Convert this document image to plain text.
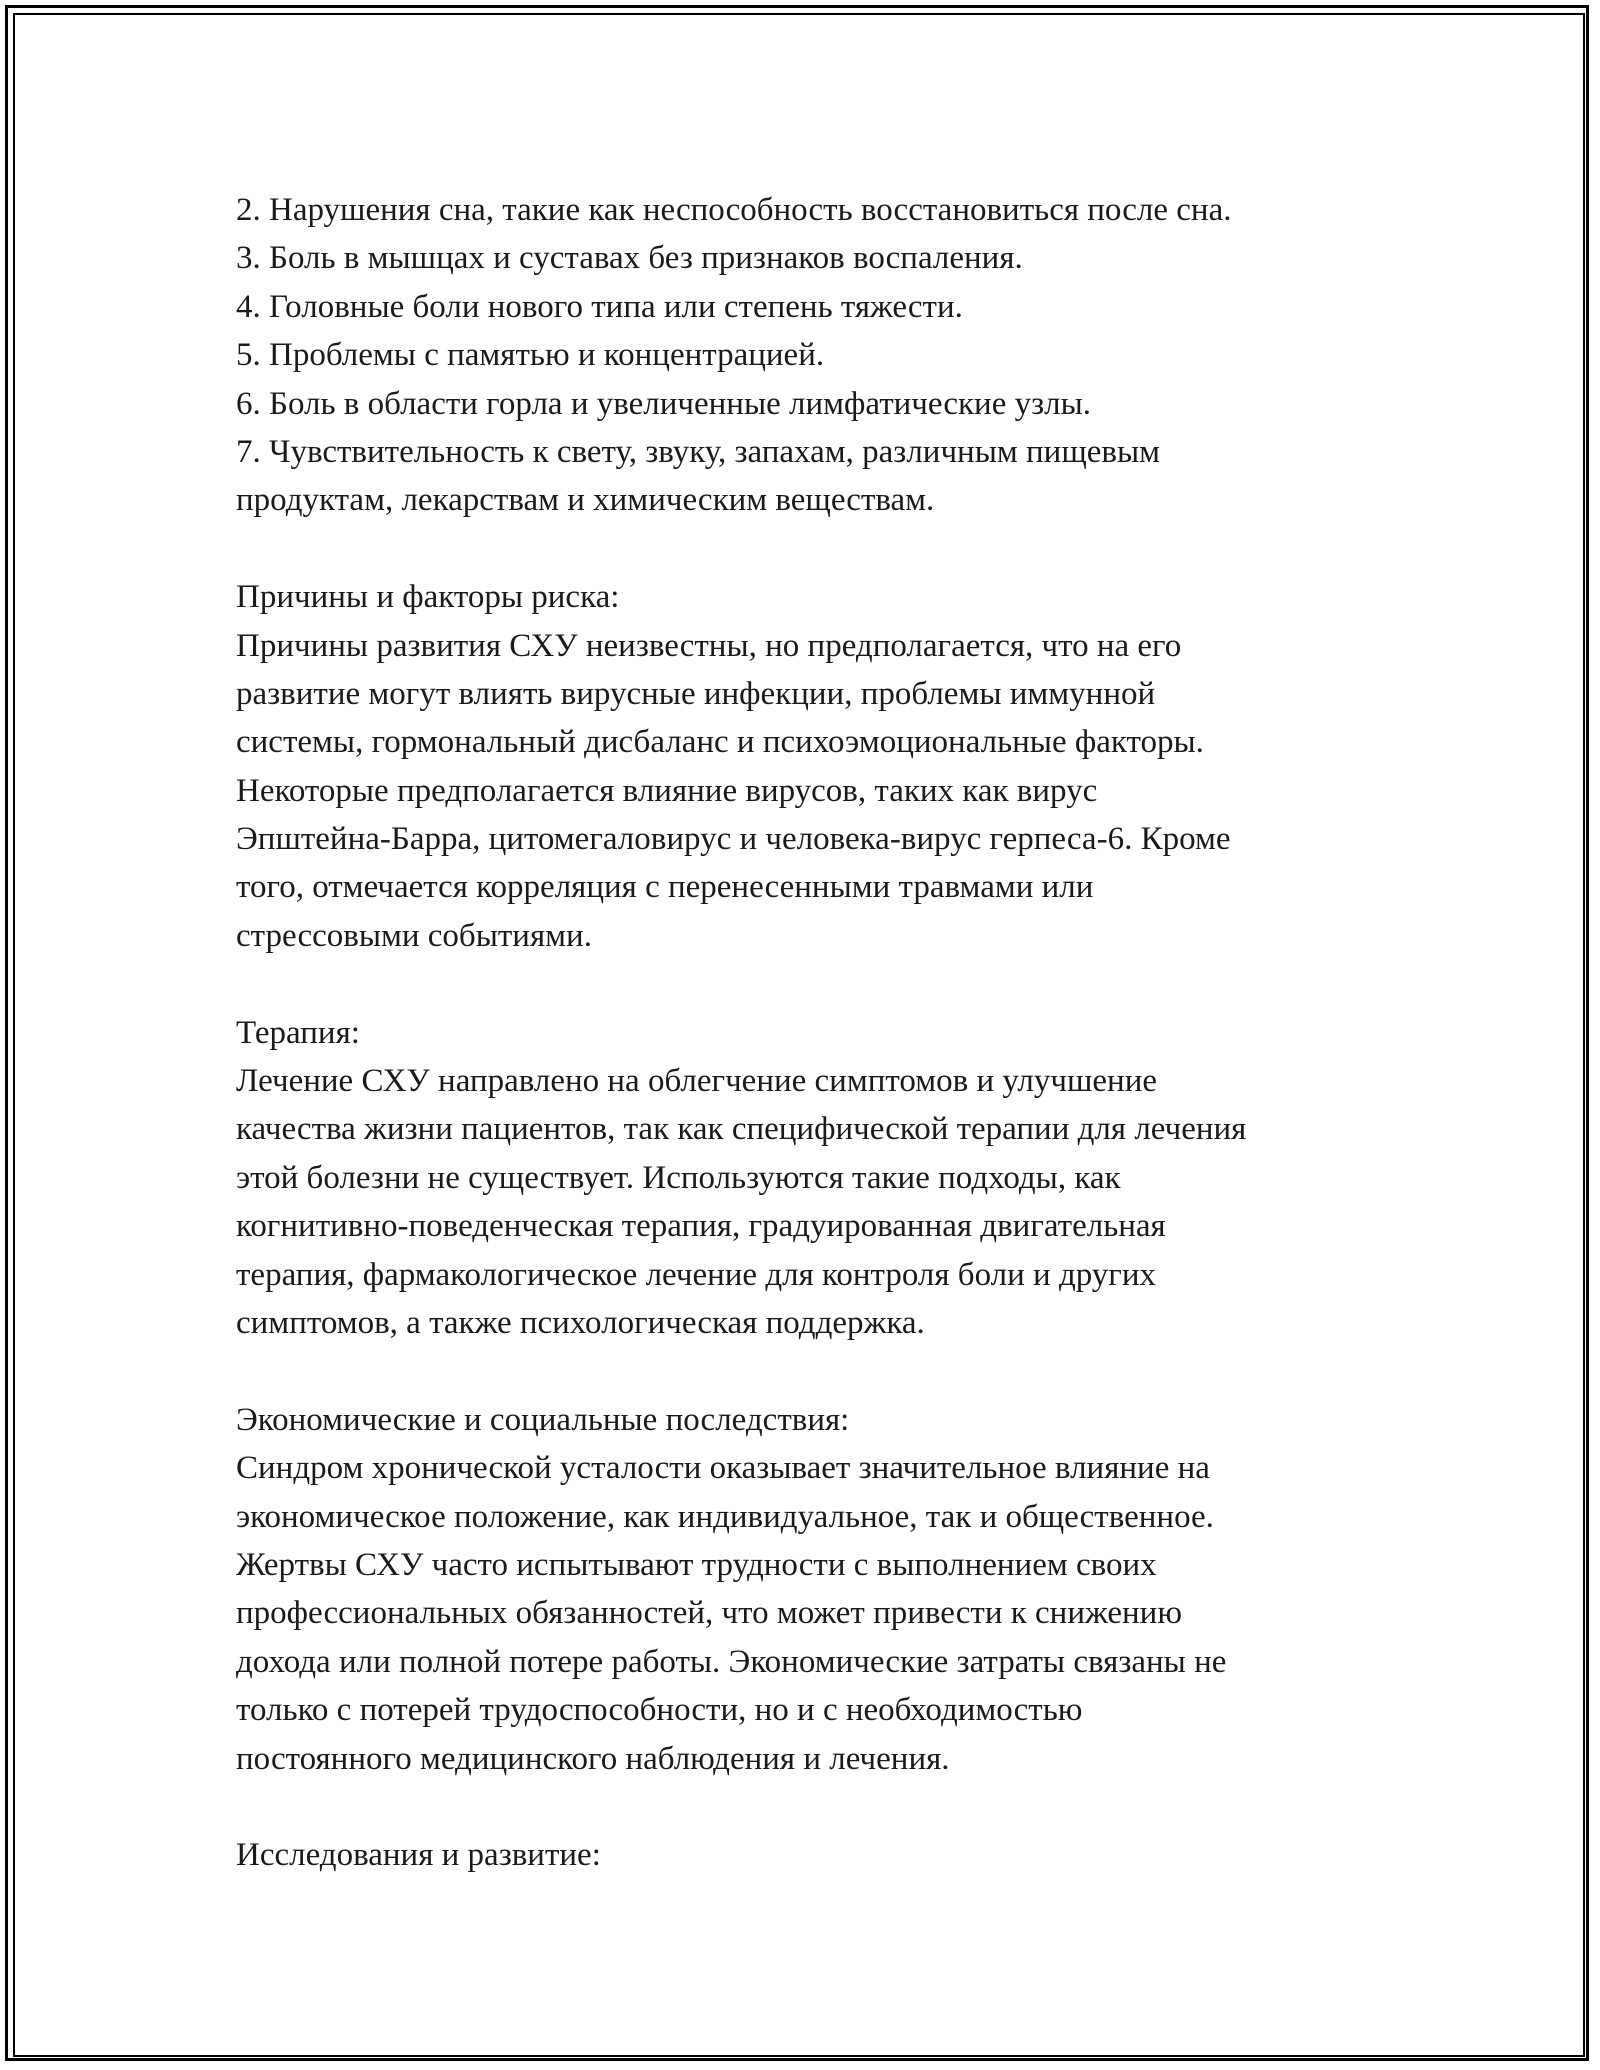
2. Нарушения сна, такие как неспособность восстановиться после сна.
3. Боль в мышцах и суставах без признаков воспаления.
4. Головные боли нового типа или степень тяжести.
5. Проблемы с памятью и концентрацией.
6. Боль в области горла и увеличенные лимфатические узлы.
7. Чувствительность к свету, звуку, запахам, различным пищевым
продуктам, лекарствам и химическим веществам.
Причины и факторы риска:
Причины развития СХУ неизвестны, но предполагается, что на его
развитие могут влиять вирусные инфекции, проблемы иммунной
системы, гормональный дисбаланс и психоэмоциональные факторы.
Некоторые предполагается влияние вирусов, таких как вирус
Эпштейна-Барра, цитомегаловирус и человека-вирус герпеса-6. Кроме
того, отмечается корреляция с перенесенными травмами или
стрессовыми событиями.
Терапия:
Лечение СХУ направлено на облегчение симптомов и улучшение
качества жизни пациентов, так как специфической терапии для лечения
этой болезни не существует. Используются такие подходы, как
когнитивно-поведенческая терапия, градуированная двигательная
терапия, фармакологическое лечение для контроля боли и других
симптомов, а также психологическая поддержка.
Экономические и социальные последствия:
Синдром хронической усталости оказывает значительное влияние на
экономическое положение, как индивидуальное, так и общественное.
Жертвы СХУ часто испытывают трудности с выполнением своих
профессиональных обязанностей, что может привести к снижению
дохода или полной потере работы. Экономические затраты связаны не
только с потерей трудоспособности, но и с необходимостью
постоянного медицинского наблюдения и лечения.
Исследования и развитие:
